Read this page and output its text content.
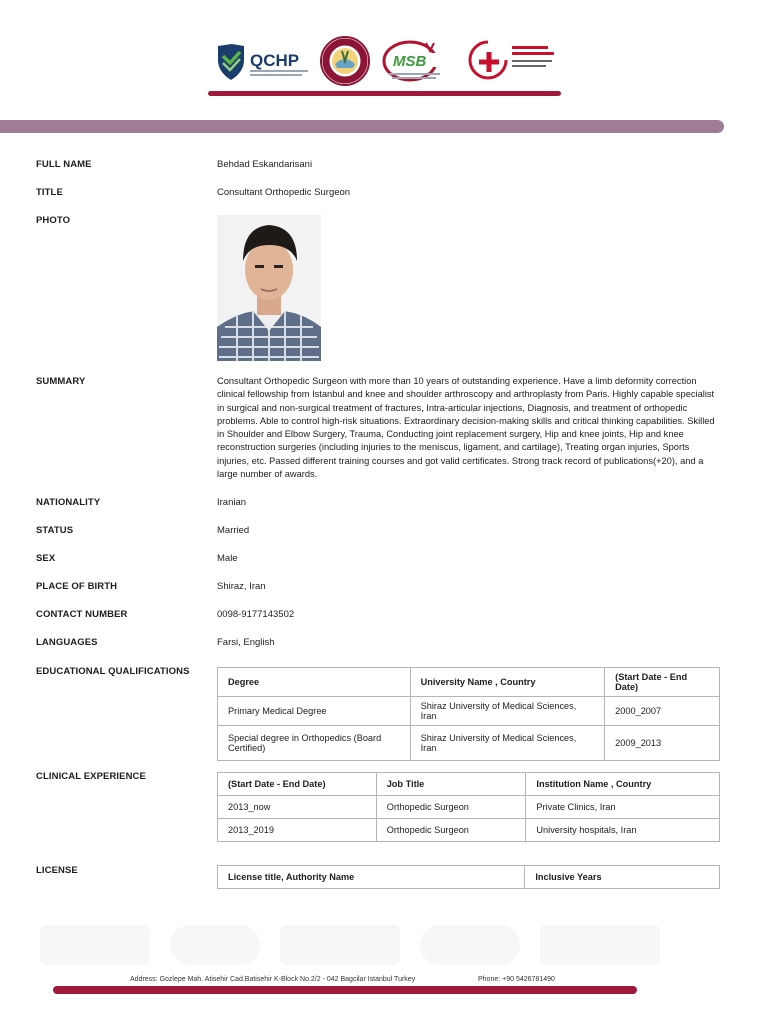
QCHP	MSB
FULL NAME	Behdad Eskandarisani
TITLE	Consultant Orthopedic Surgeon
PHOTO
SUMMARY	Consultant Orthopedic Surgeon with more than 10 years of outstanding experience. Have a limb deformity correction clinical fellowship from Istanbul and knee and shoulder arthroscopy and arthroplasty from Paris. Highly capable specialist in surgical and non-surgical treatment of fractures, Intra-articular injections, Diagnosis, and treatment of orthopedic problems. Able to control high-risk situations. Extraordinary decision-making skills and critical thinking capabilities. Skilled in Shoulder and Elbow Surgery, Trauma, Conducting joint replacement surgery, Hip and knee joints, Hip and knee reconstruction surgeries (including injuries to the meniscus, ligament, and cartilage), Treating organ injuries, Sports injuries, etc. Passed different training courses and got valid certificates. Strong track record of publications(+20), and a large number of awards.
NATIONALITY	Iranian
STATUS	Married
SEX	Male
PLACE OF BIRTH	Shiraz, Iran
CONTACT NUMBER	0098-9177143502
LANGUAGES	Farsi, English
EDUCATIONAL QUALIFICATIONS
Degree	University Name , Country	(Start Date - End Date)
Primary Medical Degree	Shiraz University of Medical Sciences, Iran	2000_2007
Special degree in Orthopedics (Board Certified)	Shiraz University of Medical Sciences, Iran	2009_2013
CLINICAL EXPERIENCE
(Start Date - End Date)	Job Title	Institution Name , Country
2013_now	Orthopedic Surgeon	Private Clinics, Iran
2013_2019	Orthopedic Surgeon	University hospitals, Iran
LICENSE
License title, Authority Name	Inclusive Years
Address: Gozlepe Mah. Atisehir Cad.Batisehir K-Block No.2/2 - 042 Bagcilar Istanbul Turkey	Phone: +90 5426781490
